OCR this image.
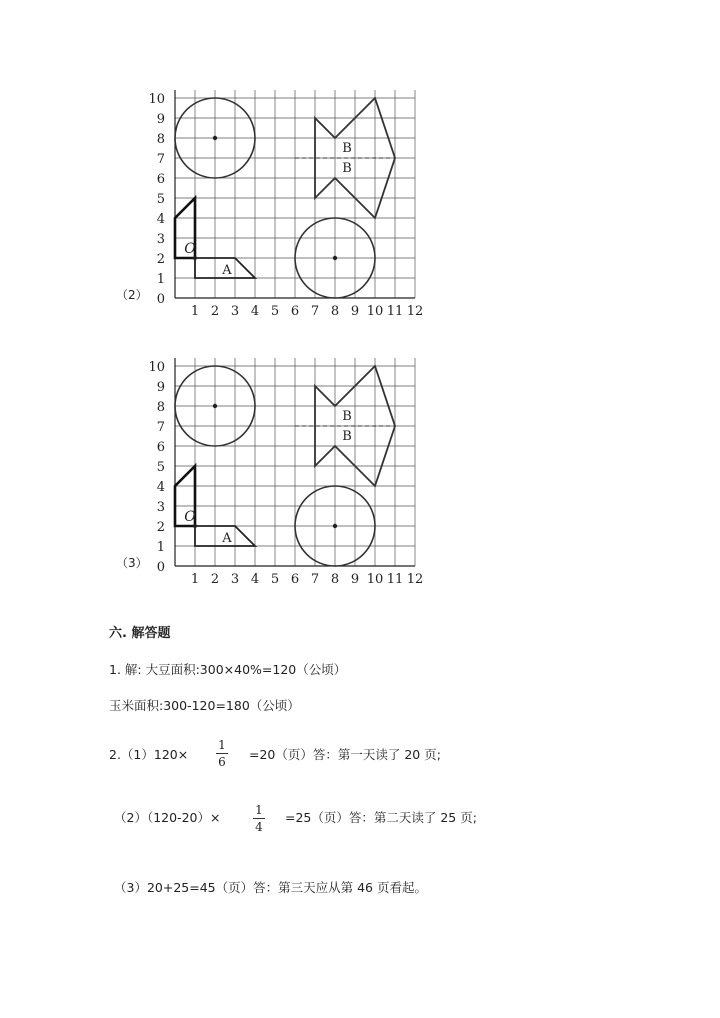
1 2 3 4 5 6 7 8 9 10 11 12
0
1
2
3
4
5
6
7
8
9
10
A
O
B
B
（2）
1 2 3 4 5 6 7 8 9 10 11 12
0
1
2
3
4
5
6
7
8
9
10
A
O
B
B
（3）
六. 解答题
1. 解: 大豆面积:300×40%=120（公顷）
玉米面积:300-120=180（公顷）
2.（1）120×
1
6	=20（页）答：第一天读了 20 页;
（2）（120-20）×	1
4
=25（页）答：第二天读了 25 页;
（3）20+25=45（页）答：第三天应从第 46 页看起。
